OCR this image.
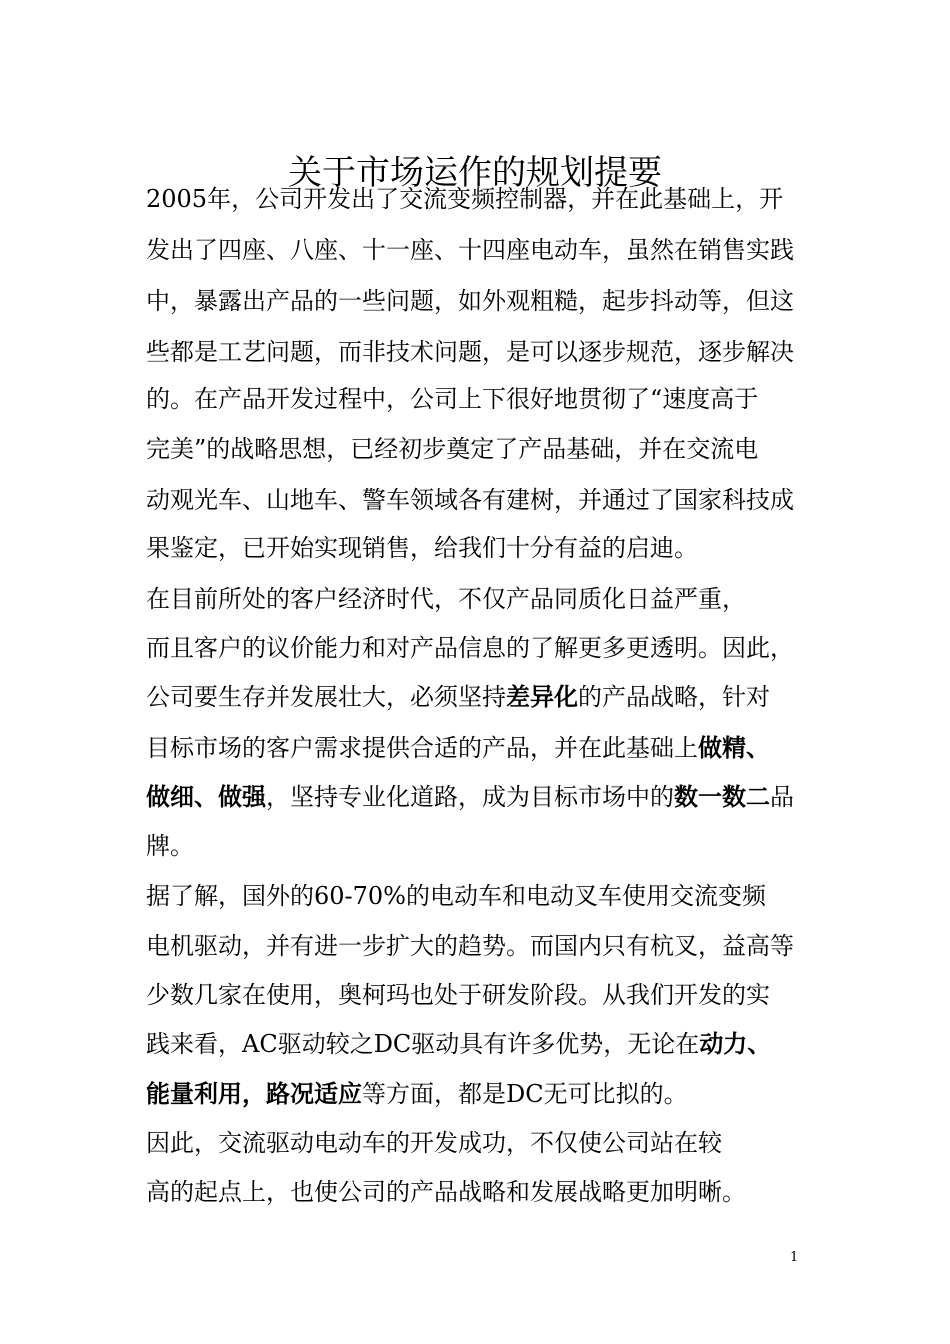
关于市场运作的规划提要
2005年，公司开发出了交流变频控制器，并在此基础上，开
发出了四座、八座、十一座、十四座电动车，虽然在销售实践
中，暴露出产品的一些问题，如外观粗糙，起步抖动等，但这
些都是工艺问题，而非技术问题，是可以逐步规范，逐步解决
的。在产品开发过程中，公司上下很好地贯彻了“速度高于
完美”的战略思想，已经初步奠定了产品基础，并在交流电
动观光车、山地车、警车领域各有建树，并通过了国家科技成
果鉴定，已开始实现销售，给我们十分有益的启迪。
在目前所处的客户经济时代，不仅产品同质化日益严重，
而且客户的议价能力和对产品信息的了解更多更透明。因此，
公司要生存并发展壮大，必须坚持差异化的产品战略，针对
目标市场的客户需求提供合适的产品，并在此基础上做精、
做细、做强，坚持专业化道路，成为目标市场中的数一数二品
牌。
据了解，国外的60-70%的电动车和电动叉车使用交流变频
电机驱动，并有进一步扩大的趋势。而国内只有杭叉，益高等
少数几家在使用，奥柯玛也处于研发阶段。从我们开发的实
践来看，AC驱动较之DC驱动具有许多优势，无论在动力、
能量利用，路况适应等方面，都是DC无可比拟的。
因此，交流驱动电动车的开发成功，不仅使公司站在较
高的起点上，也使公司的产品战略和发展战略更加明晰。
1
